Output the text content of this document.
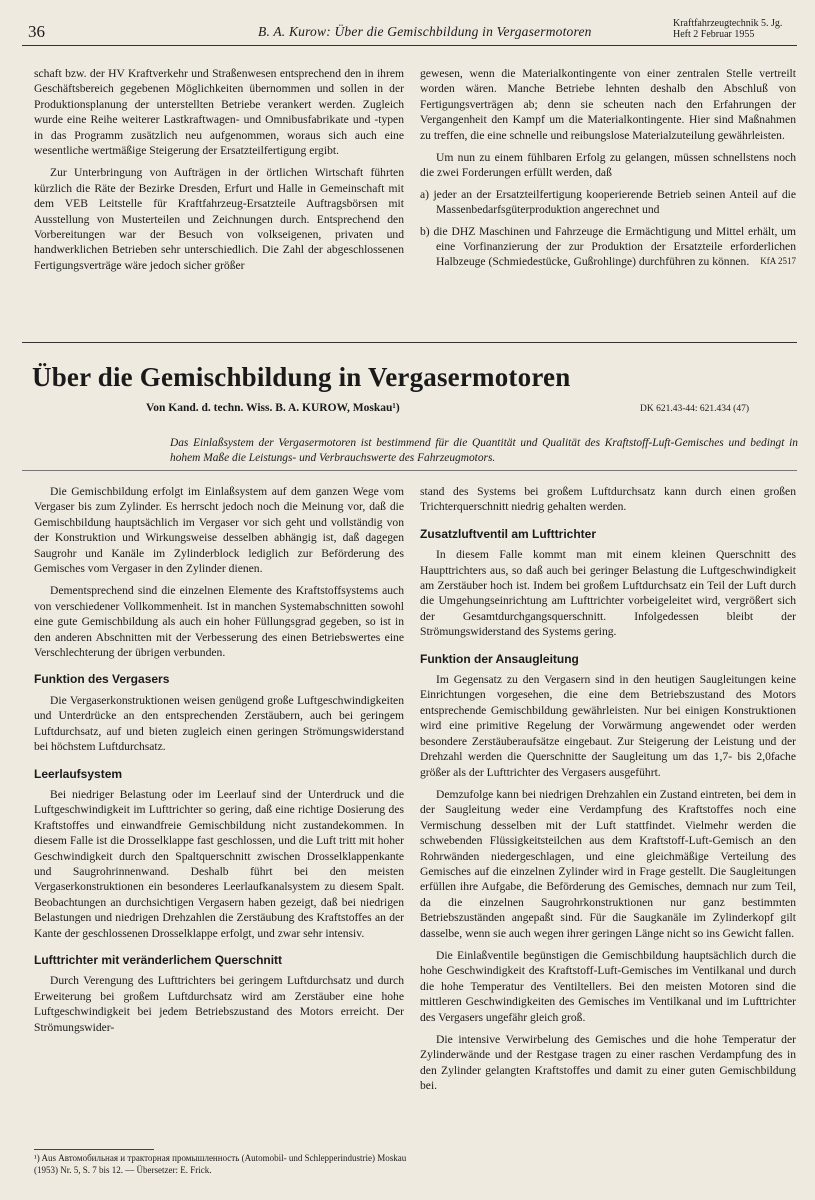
36	B. A. Kurow: Über die Gemischbildung in Vergasermotoren
Kraftfahrzeugtechnik 5. Jg.
Heft 2 Februar 1955

schaft bzw. der HV Kraftverkehr und Straßenwesen entsprechend den in ihrem Geschäftsbereich gegebenen Möglichkeiten übernommen und sollen in der Produktionsplanung der unterstellten Betriebe verankert werden. Zugleich wurde eine Reihe weiterer Lastkraftwagen- und Omnibusfabrikate und -typen in das Programm zusätzlich neu aufgenommen, woraus sich auch eine wesentliche wertmäßige Steigerung der Ersatzteilfertigung ergibt.

Zur Unterbringung von Aufträgen in der örtlichen Wirtschaft führten kürzlich die Räte der Bezirke Dresden, Erfurt und Halle in Gemeinschaft mit dem VEB Leitstelle für Kraftfahrzeug-Ersatzteile Auftragsbörsen mit Ausstellung von Musterteilen und Zeichnungen durch. Entsprechend den Vorbereitungen war der Besuch von volkseigenen, privaten und handwerklichen Betrieben sehr unterschiedlich. Die Zahl der abgeschlossenen Fertigungsverträge wäre jedoch sicher größer

gewesen, wenn die Materialkontingente von einer zentralen Stelle vertreilt worden wären. Manche Betriebe lehnten deshalb den Abschluß von Fertigungsverträgen ab; denn sie scheuten nach den Erfahrungen der Vergangenheit den Kampf um die Materialkontingente. Hier sind Maßnahmen zu treffen, die eine schnelle und reibungslose Materialzuteilung gewährleisten.

Um nun zu einem fühlbaren Erfolg zu gelangen, müssen schnellstens noch die zwei Forderungen erfüllt werden, daß

a) jeder an der Ersatzteilfertigung kooperierende Betrieb seinen Anteil auf die Massenbedarfsgüterproduktion angerechnet und

b) die DHZ Maschinen und Fahrzeuge die Ermächtigung und Mittel erhält, um eine Vorfinanzierung der zur Produktion der Ersatzteile erforderlichen Halbzeuge (Schmiedestücke, Gußrohlinge) durchführen zu können. KfA 2517

Über die Gemischbildung in Vergasermotoren
Von Kand. d. techn. Wiss. B. A. KUROW, Moskau¹)	DK 621.43-44: 621.434 (47)
Das Einlaßsystem der Vergasermotoren ist bestimmend für die Quantität und Qualität des Kraftstoff-Luft-Gemisches und bedingt in hohem Maße die Leistungs- und Verbrauchswerte des Fahrzeugmotors.

Die Gemischbildung erfolgt im Einlaßsystem auf dem ganzen Wege vom Vergaser bis zum Zylinder. Es herrscht jedoch noch die Meinung vor, daß die Gemischbildung hauptsächlich im Vergaser vor sich geht und vollständig von der Konstruktion und Wirkungsweise desselben abhängig ist, daß dagegen Saugrohr und Kanäle im Zylinderblock lediglich zur Beförderung des Gemisches vom Vergaser in den Zylinder dienen.

Dementsprechend sind die einzelnen Elemente des Kraftstoffsystems auch von verschiedener Vollkommenheit. Ist in manchen Systemabschnitten sowohl eine gute Gemischbildung als auch ein hoher Füllungsgrad gegeben, so ist in den anderen Abschnitten mit der Verbesserung des einen Betriebswertes eine Verschlechterung der übrigen verbunden.

Funktion des Vergasers

Die Vergaserkonstruktionen weisen genügend große Luftgeschwindigkeiten und Unterdrücke an den entsprechenden Zerstäubern, auch bei geringem Luftdurchsatz, auf und bieten zugleich einen geringen Strömungswiderstand bei höchstem Luftdurchsatz.

Leerlaufsystem

Bei niedriger Belastung oder im Leerlauf sind der Unterdruck und die Luftgeschwindigkeit im Lufttrichter so gering, daß eine richtige Dosierung des Kraftstoffes und einwandfreie Gemischbildung nicht zustandekommen. In diesem Falle ist die Drosselklappe fast geschlossen, und die Luft tritt mit hoher Geschwindigkeit durch den Spaltquerschnitt zwischen Drosselklappenkante und Saugrohrinnenwand. Deshalb führt bei den meisten Vergaserkonstruktionen ein besonderes Leerlaufkanalsystem zu diesem Spalt. Beobachtungen an durchsichtigen Vergasern haben gezeigt, daß bei niedrigen Belastungen und niedrigen Drehzahlen die Zerstäubung des Kraftstoffes an der Kante der geschlossenen Drosselklappe erfolgt, und zwar sehr intensiv.

Lufttrichter mit veränderlichem Querschnitt

Durch Verengung des Lufttrichters bei geringem Luftdurchsatz und durch Erweiterung bei großem Luftdurchsatz wird am Zerstäuber eine hohe Luftgeschwindigkeit bei jedem Betriebszustand des Motors erreicht. Der Strömungswider-

stand des Systems bei großem Luftdurchsatz kann durch einen großen Trichterquerschnitt niedrig gehalten werden.

Zusatzluftventil am Lufttrichter

In diesem Falle kommt man mit einem kleinen Querschnitt des Haupttrichters aus, so daß auch bei geringer Belastung die Luftgeschwindigkeit am Zerstäuber hoch ist. Indem bei großem Luftdurchsatz ein Teil der Luft durch die Umgehungseinrichtung am Lufttrichter vorbeigeleitet wird, vergrößert sich der Gesamtdurchgangsquerschnitt. Infolgedessen bleibt der Strömungswiderstand des Systems gering.

Funktion der Ansaugleitung

Im Gegensatz zu den Vergasern sind in den heutigen Saugleitungen keine Einrichtungen vorgesehen, die eine dem Betriebszustand des Motors entsprechende Gemischbildung gewährleisten. Nur bei einigen Konstruktionen wird eine primitive Regelung der Vorwärmung angewendet oder werden besondere Zerstäuberaufsätze eingebaut. Zur Steigerung der Leistung und der Drehzahl werden die Querschnitte der Saugleitung um das 1,7- bis 2,0fache größer als der Lufttrichter des Vergasers ausgeführt.

Demzufolge kann bei niedrigen Drehzahlen ein Zustand eintreten, bei dem in der Saugleitung weder eine Verdampfung des Kraftstoffes noch eine Vermischung desselben mit der Luft stattfindet. Vielmehr werden die schwebenden Flüssigkeitsteilchen aus dem Kraftstoff-Luft-Gemisch an den Rohrwänden niedergeschlagen, und eine gleichmäßige Verteilung des Gemisches auf die einzelnen Zylinder wird in Frage gestellt. Die Saugleitungen erfüllen ihre Aufgabe, die Beförderung des Gemisches, demnach nur zum Teil, da die einzelnen Saugrohrkonstruktionen nur ganz bestimmten Betriebszuständen angepaßt sind. Für die Saugkanäle im Zylinderkopf gilt dasselbe, wenn sie auch wegen ihrer geringen Länge nicht so ins Gewicht fallen.

Die Einlaßventile begünstigen die Gemischbildung hauptsächlich durch die hohe Geschwindigkeit des Kraftstoff-Luft-Gemisches im Ventilkanal und durch die hohe Temperatur des Ventiltellers. Bei den meisten Motoren sind die mittleren Geschwindigkeiten des Gemisches im Ventilkanal und im Lufttrichter des Vergasers ungefähr gleich groß.

Die intensive Verwirbelung des Gemisches und die hohe Temperatur der Zylinderwände und der Restgase tragen zu einer raschen Verdampfung des in den Zylinder gelangten Kraftstoffes und damit zu einer guten Gemischbildung bei.

¹) Aus Автомобильная и тракторная промышленность (Automobil- und Schlepperindustrie) Moskau (1953) Nr. 5, S. 7 bis 12. — Übersetzer: E. Frick.
